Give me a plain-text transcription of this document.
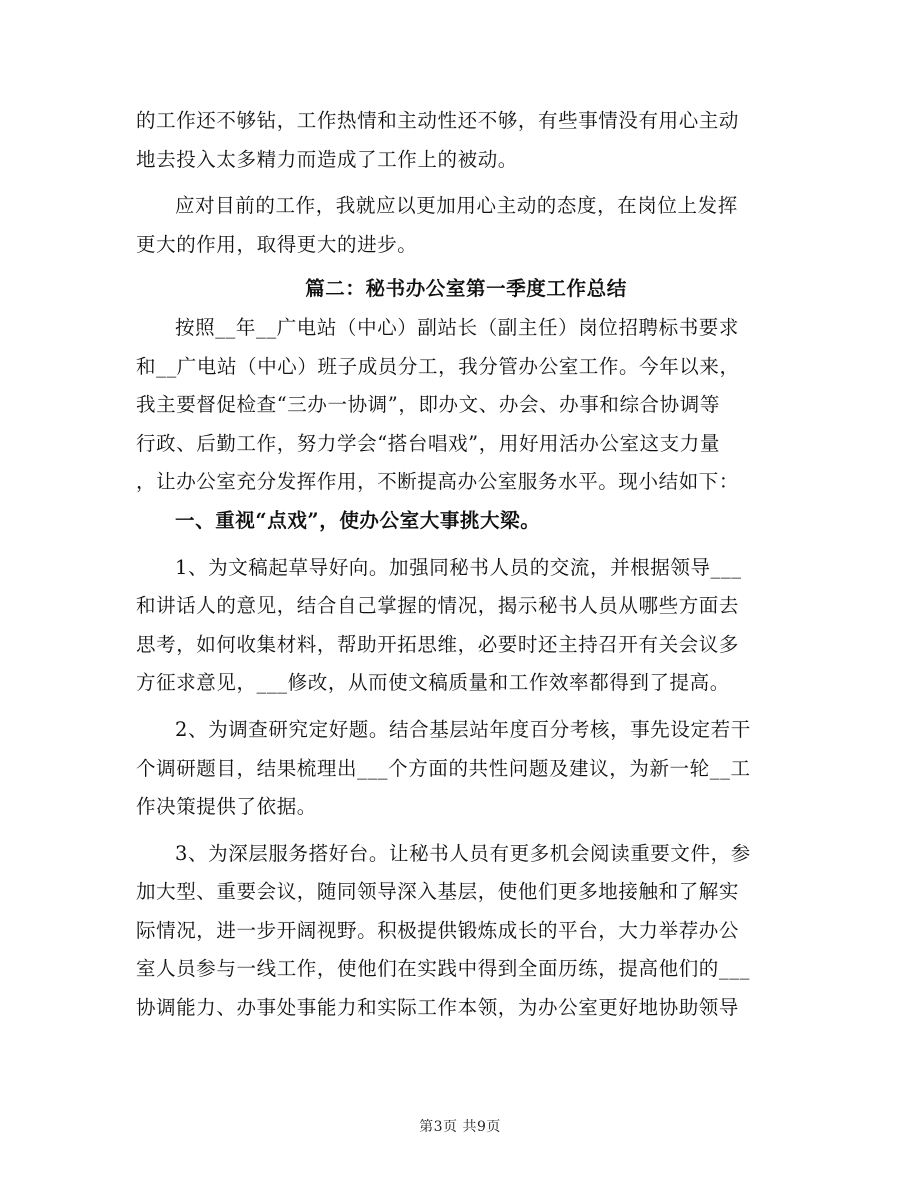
的工作还不够钻，工作热情和主动性还不够，有些事情没有用心主动
地去投入太多精力而造成了工作上的被动。

应对目前的工作，我就应以更加用心主动的态度，在岗位上发挥
更大的作用，取得更大的进步。

篇二：秘书办公室第一季度工作总结

按照__年__广电站（中心）副站长（副主任）岗位招聘标书要求
和__广电站（中心）班子成员分工，我分管办公室工作。今年以来，
我主要督促检查“三办一协调”，即办文、办会、办事和综合协调等
行政、后勤工作，努力学会“搭台唱戏”，用好用活办公室这支力量
，让办公室充分发挥作用，不断提高办公室服务水平。现小结如下：

一、重视“点戏”，使办公室大事挑大梁。

1、为文稿起草导好向。加强同秘书人员的交流，并根据领导___
和讲话人的意见，结合自己掌握的情况，揭示秘书人员从哪些方面去
思考，如何收集材料，帮助开拓思维，必要时还主持召开有关会议多
方征求意见，___修改，从而使文稿质量和工作效率都得到了提高。

2、为调查研究定好题。结合基层站年度百分考核，事先设定若干
个调研题目，结果梳理出___个方面的共性问题及建议，为新一轮__工
作决策提供了依据。

3、为深层服务搭好台。让秘书人员有更多机会阅读重要文件，参
加大型、重要会议，随同领导深入基层，使他们更多地接触和了解实
际情况，进一步开阔视野。积极提供锻炼成长的平台，大力举荐办公
室人员参与一线工作，使他们在实践中得到全面历练，提高他们的___
协调能力、办事处事能力和实际工作本领，为办公室更好地协助领导

第3页 共9页
